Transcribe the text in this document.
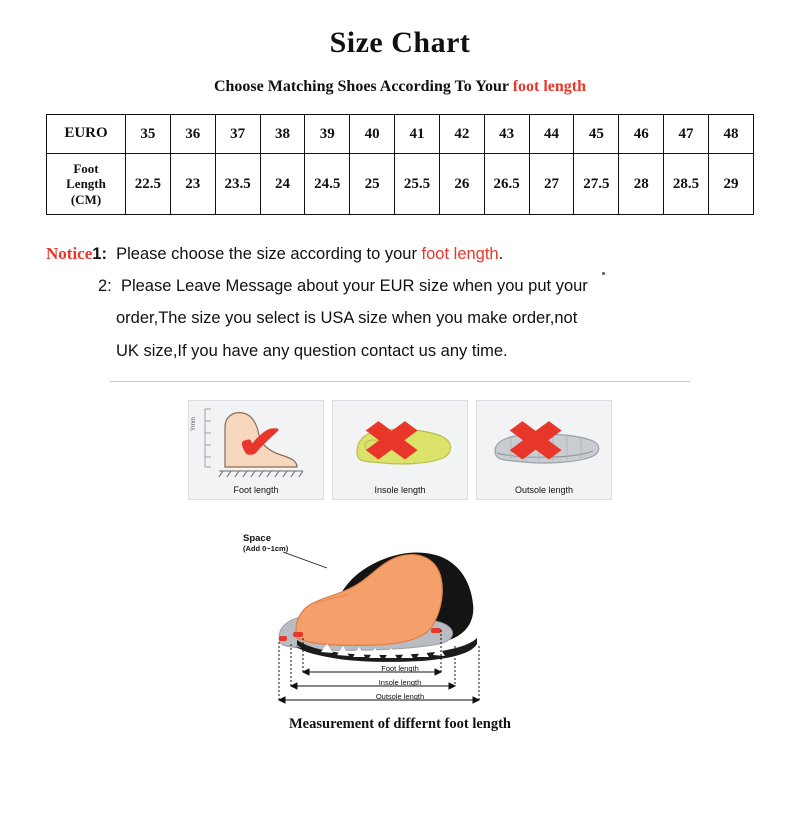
Size Chart
Choose Matching Shoes According To Your foot length
EURO	35	36	37	38	39	40	41	42	43	44	45	46	47	48

Foot
Length
(CM)	22.5	23	23.5	24	24.5	25	25.5	26	26.5	27	27.5	28	28.5	29
Notice1: Please choose the size according to your foot length.
2: Please Leave Message about your EUR size when you put your
order,The size you select is USA size when you make order,not
UK size,If you have any question contact us any time.
Ymm ✔
Foot length
✖
Insole length
✖
Outsole length
Space
(Add 0~1cm)
Foot length
Insole length
Outsole length
Measurement of differnt foot length
